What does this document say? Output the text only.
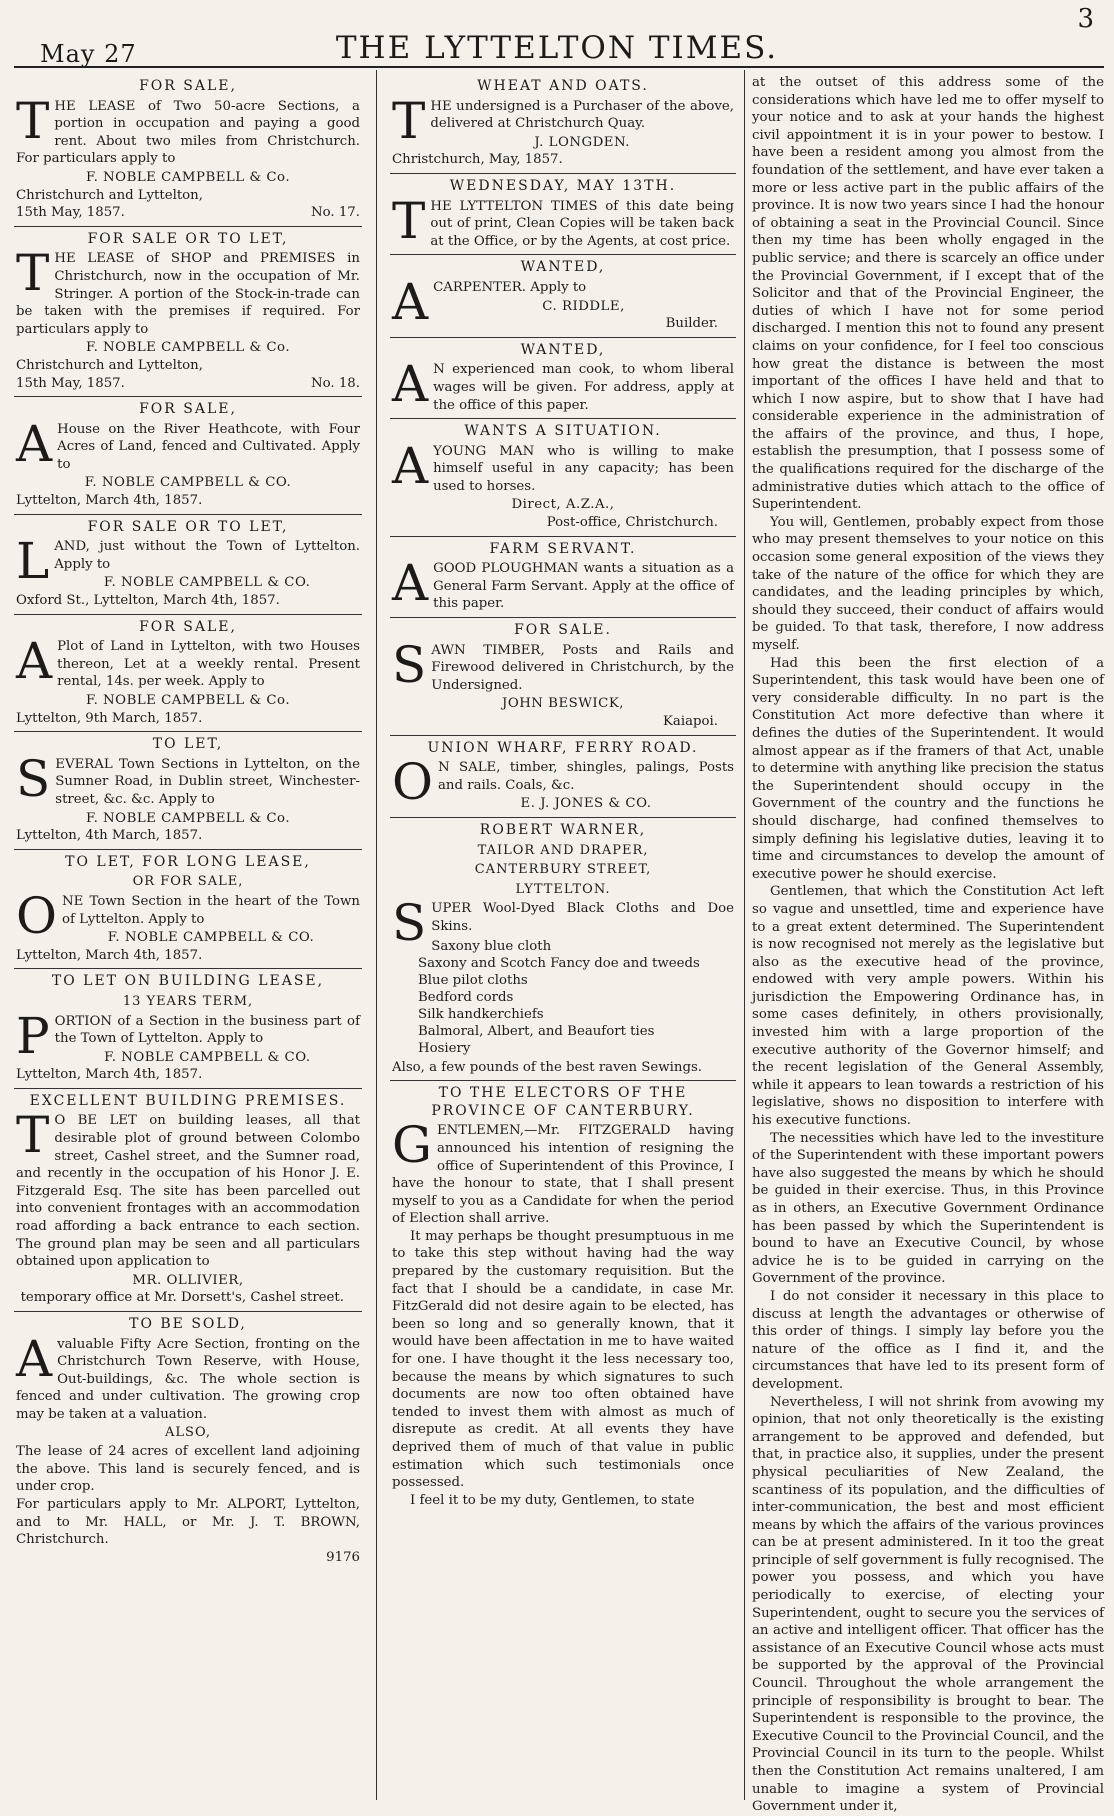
May 27	THE LYTTELTON TIMES.
3
FOR SALE,
THE LEASE of Two 50-acre Sections, a portion in occupation and paying a good rent. About two miles from Christchurch. For particulars apply to
F. NOBLE CAMPBELL & Co.
Christchurch and Lyttelton,
15th May, 1857.	No. 17.
FOR SALE OR TO LET,
THE LEASE of SHOP and PREMISES in Christchurch, now in the occupation of Mr. Stringer. A portion of the Stock-in-trade can be taken with the premises if required. For particulars apply to
F. NOBLE CAMPBELL & Co.
Christchurch and Lyttelton,
15th May, 1857.	No. 18.
FOR SALE,
A House on the River Heathcote, with Four Acres of Land, fenced and Cultivated. Apply to
F. NOBLE CAMPBELL & CO.
Lyttelton, March 4th, 1857.
FOR SALE OR TO LET,
LAND, just without the Town of Lyttelton. Apply to
F. NOBLE CAMPBELL & CO.
Oxford St., Lyttelton, March 4th, 1857.
FOR SALE,
A Plot of Land in Lyttelton, with two Houses thereon, Let at a weekly rental. Present rental, 14s. per week. Apply to
F. NOBLE CAMPBELL & Co.
Lyttelton, 9th March, 1857.
TO LET,
SEVERAL Town Sections in Lyttelton, on the Sumner Road, in Dublin street, Winchester-street, &c. &c. Apply to
F. NOBLE CAMPBELL & Co.
Lyttelton, 4th March, 1857.
TO LET, FOR LONG LEASE,
OR FOR SALE,
ONE Town Section in the heart of the Town of Lyttelton. Apply to
F. NOBLE CAMPBELL & CO.
Lyttelton, March 4th, 1857.
TO LET ON BUILDING LEASE,
13 YEARS TERM,
PORTION of a Section in the business part of the Town of Lyttelton. Apply to
F. NOBLE CAMPBELL & CO.
Lyttelton, March 4th, 1857.
EXCELLENT BUILDING PREMISES.
T O BE LET on building leases, all that desirable plot of ground between Colombo street, Cashel street, and the Sumner road, and recently in the occupation of his Honor J. E. Fitzgerald Esq. The site has been parcelled out into convenient frontages with an accommodation road affording a back entrance to each section. The ground plan may be seen and all particulars obtained upon application to
MR. OLLIVIER,
temporary office at Mr. Dorsett's, Cashel street.
TO BE SOLD,
Avaluable Fifty Acre Section, fronting on the Christchurch Town Reserve, with House, Out-buildings, &c. The whole section is fenced and under cultivation. The growing crop may be taken at a valuation.
ALSO,
The lease of 24 acres of excellent land adjoining the above. This land is securely fenced, and is under crop.
For particulars apply to Mr. ALPORT, Lyttelton, and to Mr. HALL, or Mr. J. T. BROWN, Christchurch.
9176
WHEAT AND OATS.
THE undersigned is a Purchaser of the above, delivered at Christchurch Quay.
J. LONGDEN.
Christchurch, May, 1857.
WEDNESDAY, MAY 13TH.
THE LYTTELTON TIMES of this date being out of print, Clean Copies will be taken back at the Office, or by the Agents, at cost price.
WANTED,
ACARPENTER. Apply to
C. RIDDLE,
Builder.
WANTED,
A N experienced man cook, to whom liberal wages will be given. For address, apply at the office of this paper.
WANTS A SITUATION.
AYOUNG MAN who is willing to make himself useful in any capacity; has been used to horses.
Direct, A.Z.A.,
Post-office, Christchurch.
FARM SERVANT.
AGOOD PLOUGHMAN wants a situation as a General Farm Servant. Apply at the office of this paper.
FOR SALE.
SAWN TIMBER, Posts and Rails and Firewood delivered in Christchurch, by the Undersigned.
JOHN BESWICK,
Kaiapoi.
UNION WHARF, FERRY ROAD.
O N SALE, timber, shingles, palings, Posts and rails. Coals, &c.
E. J. JONES & CO.
ROBERT WARNER,
TAILOR AND DRAPER,
CANTERBURY STREET,
LYTTELTON.
SUPER Wool-Dyed Black Cloths and Doe Skins.
Saxony blue cloth
Saxony and Scotch Fancy doe and tweeds
Blue pilot cloths
Bedford cords
Silk handkerchiefs
Balmoral, Albert, and Beaufort ties
Hosiery
Also, a few pounds of the best raven Sewings.
TO THE ELECTORS OF THE PROVINCE OF CANTERBURY.
GENTLEMEN,—Mr. FITZGERALD having announced his intention of resigning the office of Superintendent of this Province, I have the honour to state, that I shall present myself to you as a Candidate for when the period of Election shall arrive.

It may perhaps be thought presumptuous in me to take this step without having had the way prepared by the customary requisition. But the fact that I should be a candidate, in case Mr. FitzGerald did not desire again to be elected, has been so long and so generally known, that it would have been affectation in me to have waited for one. I have thought it the less necessary too, because the means by which signatures to such documents are now too often obtained have tended to invest them with almost as much of disrepute as credit. At all events they have deprived them of much of that value in public estimation which such testimonials once possessed.

I feel it to be my duty, Gentlemen, to state

at the outset of this address some of the considerations which have led me to offer myself to your notice and to ask at your hands the highest civil appointment it is in your power to bestow. I have been a resident among you almost from the foundation of the settlement, and have ever taken a more or less active part in the public affairs of the province. It is now two years since I had the honour of obtaining a seat in the Provincial Council. Since then my time has been wholly engaged in the public service; and there is scarcely an office under the Provincial Government, if I except that of the Solicitor and that of the Provincial Engineer, the duties of which I have not for some period discharged. I mention this not to found any present claims on your confidence, for I feel too conscious how great the distance is between the most important of the offices I have held and that to which I now aspire, but to show that I have had considerable experience in the administration of the affairs of the province, and thus, I hope, establish the presumption, that I possess some of the qualifications required for the discharge of the administrative duties which attach to the office of Superintendent.

You will, Gentlemen, probably expect from those who may present themselves to your notice on this occasion some general exposition of the views they take of the nature of the office for which they are candidates, and the leading principles by which, should they succeed, their conduct of affairs would be guided. To that task, therefore, I now address myself.

Had this been the first election of a Superintendent, this task would have been one of very considerable difficulty. In no part is the Constitution Act more defective than where it defines the duties of the Superintendent. It would almost appear as if the framers of that Act, unable to determine with anything like precision the status the Superintendent should occupy in the Government of the country and the functions he should discharge, had confined themselves to simply defining his legislative duties, leaving it to time and circumstances to develop the amount of executive power he should exercise.

Gentlemen, that which the Constitution Act left so vague and unsettled, time and experience have to a great extent determined. The Superintendent is now recognised not merely as the legislative but also as the executive head of the province, endowed with very ample powers. Within his jurisdiction the Empowering Ordinance has, in some cases definitely, in others provisionally, invested him with a large proportion of the executive authority of the Governor himself; and the recent legislation of the General Assembly, while it appears to lean towards a restriction of his legislative, shows no disposition to interfere with his executive functions.

The necessities which have led to the investiture of the Superintendent with these important powers have also suggested the means by which he should be guided in their exercise. Thus, in this Province as in others, an Executive Government Ordinance has been passed by which the Superintendent is bound to have an Executive Council, by whose advice he is to be guided in carrying on the Government of the province.

I do not consider it necessary in this place to discuss at length the advantages or otherwise of this order of things. I simply lay before you the nature of the office as I find it, and the circumstances that have led to its present form of development.

Nevertheless, I will not shrink from avowing my opinion, that not only theoretically is the existing arrangement to be approved and defended, but that, in practice also, it supplies, under the present physical peculiarities of New Zealand, the scantiness of its population, and the difficulties of inter-communication, the best and most efficient means by which the affairs of the various provinces can be at present administered. In it too the great principle of self government is fully recognised. The power you possess, and which you have periodically to exercise, of electing your Superintendent, ought to secure you the services of an active and intelligent officer. That officer has the assistance of an Executive Council whose acts must be supported by the approval of the Provincial Council. Throughout the whole arrangement the principle of responsibility is brought to bear. The Superintendent is responsible to the province, the Executive Council to the Provincial Council, and the Provincial Council in its turn to the people. Whilst then the Constitution Act remains unaltered, I am unable to imagine a system of Provincial Government under it,
